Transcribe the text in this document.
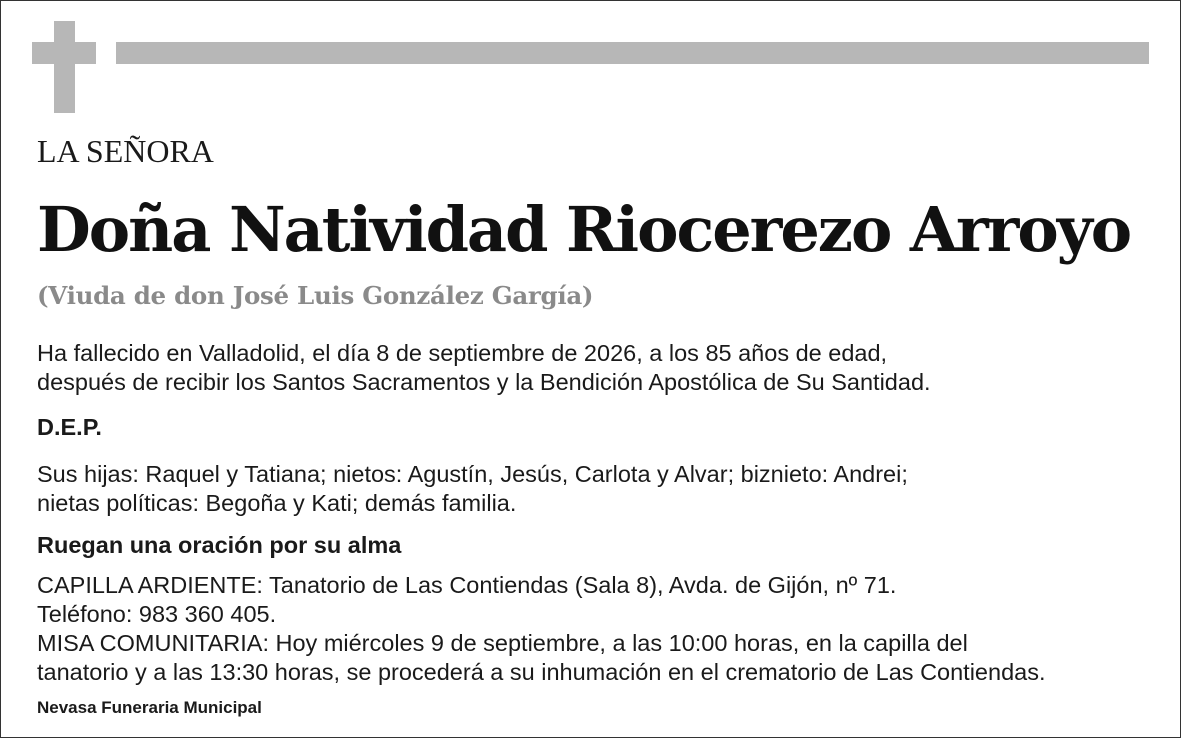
LA SEÑORA

Doña Natividad Riocerezo Arroyo

(Viuda de don José Luis González Gargía)

Ha fallecido en Valladolid, el día 8 de septiembre de 2026, a los 85 años de edad,
después de recibir los Santos Sacramentos y la Bendición Apostólica de Su Santidad.

D.E.P.

Sus hijas: Raquel y Tatiana; nietos: Agustín, Jesús, Carlota y Alvar; biznieto: Andrei;
nietas políticas: Begoña y Kati; demás familia.

Ruegan una oración por su alma

CAPILLA ARDIENTE: Tanatorio de Las Contiendas (Sala 8), Avda. de Gijón, nº 71.
Teléfono: 983 360 405.
MISA COMUNITARIA: Hoy miércoles 9 de septiembre, a las 10:00 horas, en la capilla del
tanatorio y a las 13:30 horas, se procederá a su inhumación en el crematorio de Las Contiendas.

Nevasa Funeraria Municipal
